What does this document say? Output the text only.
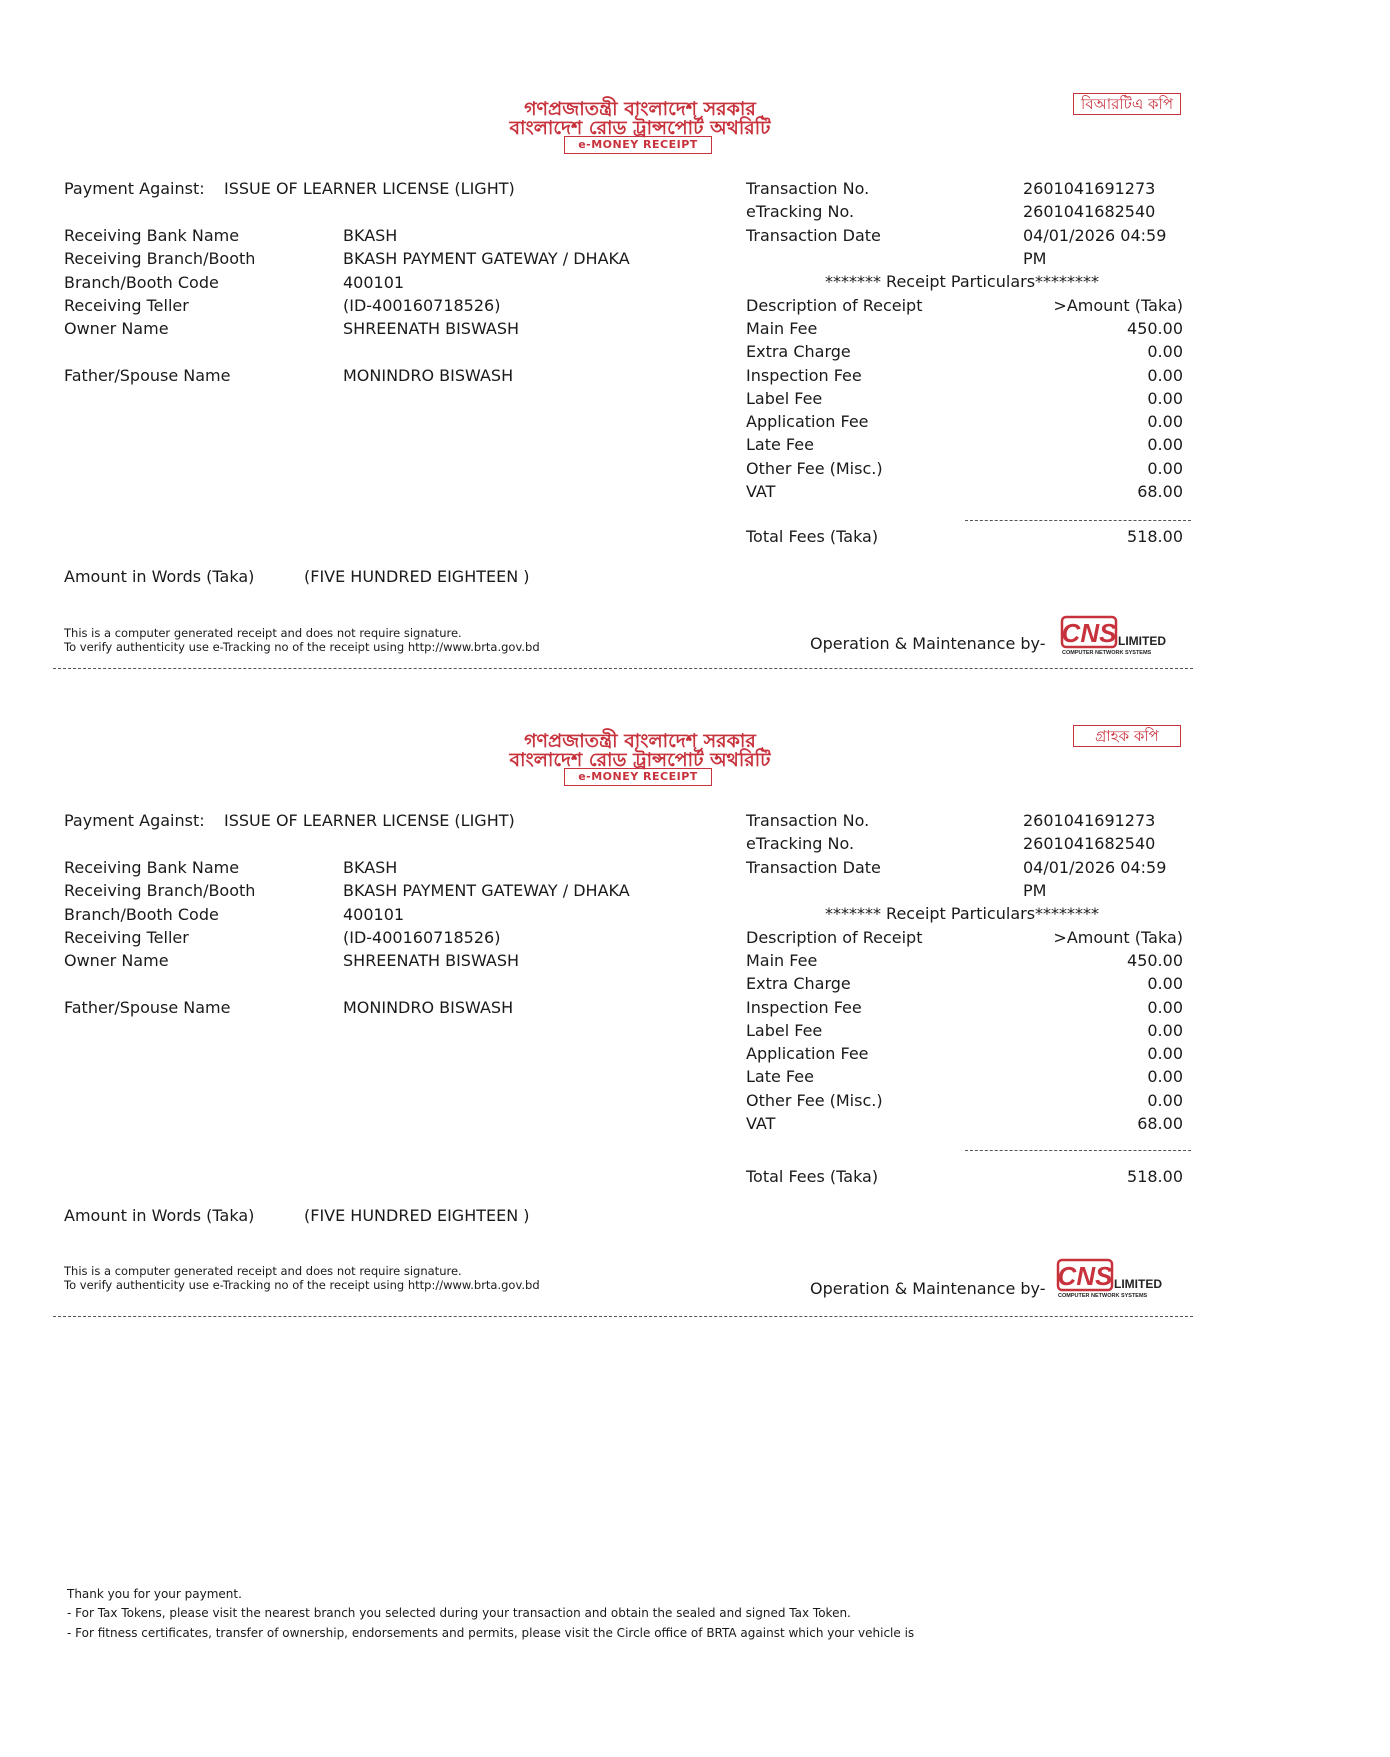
গণপ্রজাতন্ত্রী বাংলাদেশ সরকার
বাংলাদেশ রোড ট্রান্সপোর্ট অথরিটি
e-MONEY RECEIPT
বিআরটিএ কপি
Payment Against: ISSUE OF LEARNER LICENSE (LIGHT)
Receiving Bank Name	BKASH
Receiving Branch/Booth	BKASH PAYMENT GATEWAY / DHAKA
Branch/Booth Code	400101
Receiving Teller	(ID-400160718526)
Owner Name	SHREENATH BISWASH
Father/Spouse Name	MONINDRO BISWASH
Transaction No.	2601041691273
eTracking No.	2601041682540
Transaction Date	04/01/2026 04:59
PM
******* Receipt Particulars********
Description of Receipt	>Amount (Taka)
Main Fee	450.00
Extra Charge	0.00
Inspection Fee	0.00
Label Fee	0.00
Application Fee	0.00
Late Fee	0.00
Other Fee (Misc.)	0.00
VAT	68.00
Total Fees (Taka)	518.00
Amount in Words (Taka)	(FIVE HUNDRED EIGHTEEN )
This is a computer generated receipt and does not require signature.
To verify authenticity use e-Tracking no of the receipt using http://www.brta.gov.bd	Operation & Maintenance by- CNS LIMITED
COMPUTER NETWORK SYSTEMS
গণপ্রজাতন্ত্রী বাংলাদেশ সরকার
বাংলাদেশ রোড ট্রান্সপোর্ট অথরিটি
e-MONEY RECEIPT
গ্রাহক কপি
Payment Against: ISSUE OF LEARNER LICENSE (LIGHT)
Receiving Bank Name	BKASH
Receiving Branch/Booth	BKASH PAYMENT GATEWAY / DHAKA
Branch/Booth Code	400101
Receiving Teller	(ID-400160718526)
Owner Name	SHREENATH BISWASH
Father/Spouse Name	MONINDRO BISWASH
Transaction No.	2601041691273
eTracking No.	2601041682540
Transaction Date	04/01/2026 04:59
PM
******* Receipt Particulars********
Description of Receipt	>Amount (Taka)
Main Fee	450.00
Extra Charge	0.00
Inspection Fee	0.00
Label Fee	0.00
Application Fee	0.00
Late Fee	0.00
Other Fee (Misc.)	0.00
VAT	68.00
Total Fees (Taka)	518.00
Amount in Words (Taka)	(FIVE HUNDRED EIGHTEEN )
This is a computer generated receipt and does not require signature.
To verify authenticity use e-Tracking no of the receipt using http://www.brta.gov.bd	Operation & Maintenance by- CNS LIMITED
COMPUTER NETWORK SYSTEMS
Thank you for your payment.
- For Tax Tokens, please visit the nearest branch you selected during your transaction and obtain the sealed and signed Tax Token.
- For fitness certificates, transfer of ownership, endorsements and permits, please visit the Circle office of BRTA against which your vehicle is
